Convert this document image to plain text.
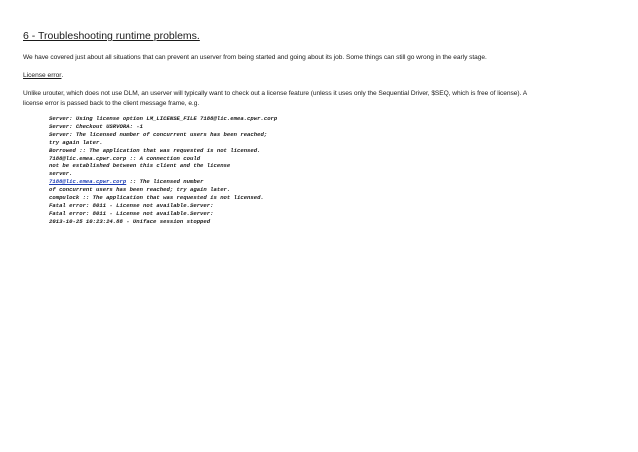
6 - Troubleshooting runtime problems.

We have covered just about all situations that can prevent an userver from being started and going about its job. Some things can still go wrong in the early stage.

License error.

Unlike urouter, which does not use DLM, an userver will typically want to check out a license feature (unless it uses only the Sequential Driver, $SEQ, which is free of license). A
license error is passed back to the client message frame, e.g.

Server: Using license option LM_LICENSE_FILE 7188@lic.emea.cpwr.corp
Server: Checkout USRVORA: -1
Server: The licensed number of concurrent users has been reached;
try again later.
Borrowed :: The application that was requested is not licensed.
7188@lic.emea.cpwr.corp :: A connection could
not be established between this client and the license
server.
7188@lic.emea.cpwr.corp :: The licensed number
of concurrent users has been reached; try again later.
compulock :: The application that was requested is not licensed.
Fatal error: 8011 - License not available.Server:
Fatal error: 8011 - License not available.Server:
2013-10-25 10:23:24.88 - Uniface session stopped
